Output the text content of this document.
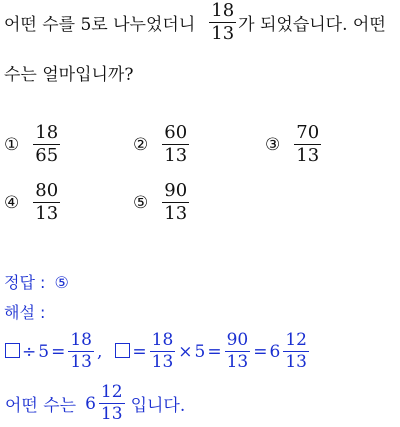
어떤 수를 5로 나누었더니 $\frac{18}{13}$ 가 되었습니다. 어떤
수는 얼마입니까?
① $\frac{18}{65}$	② $\frac{60}{13}$	③ $\frac{70}{13}$
④ $\frac{80}{13}$	⑤ $\frac{90}{13}$
정답 : ⑤
해설 :
÷ $5 = \frac{18}{13}$ , = $\frac{18}{13} \times 5 = \frac{90}{13} = 6 \frac{12}{13}$
어떤 수는 $6 \frac{12}{13}$ 입니다.
